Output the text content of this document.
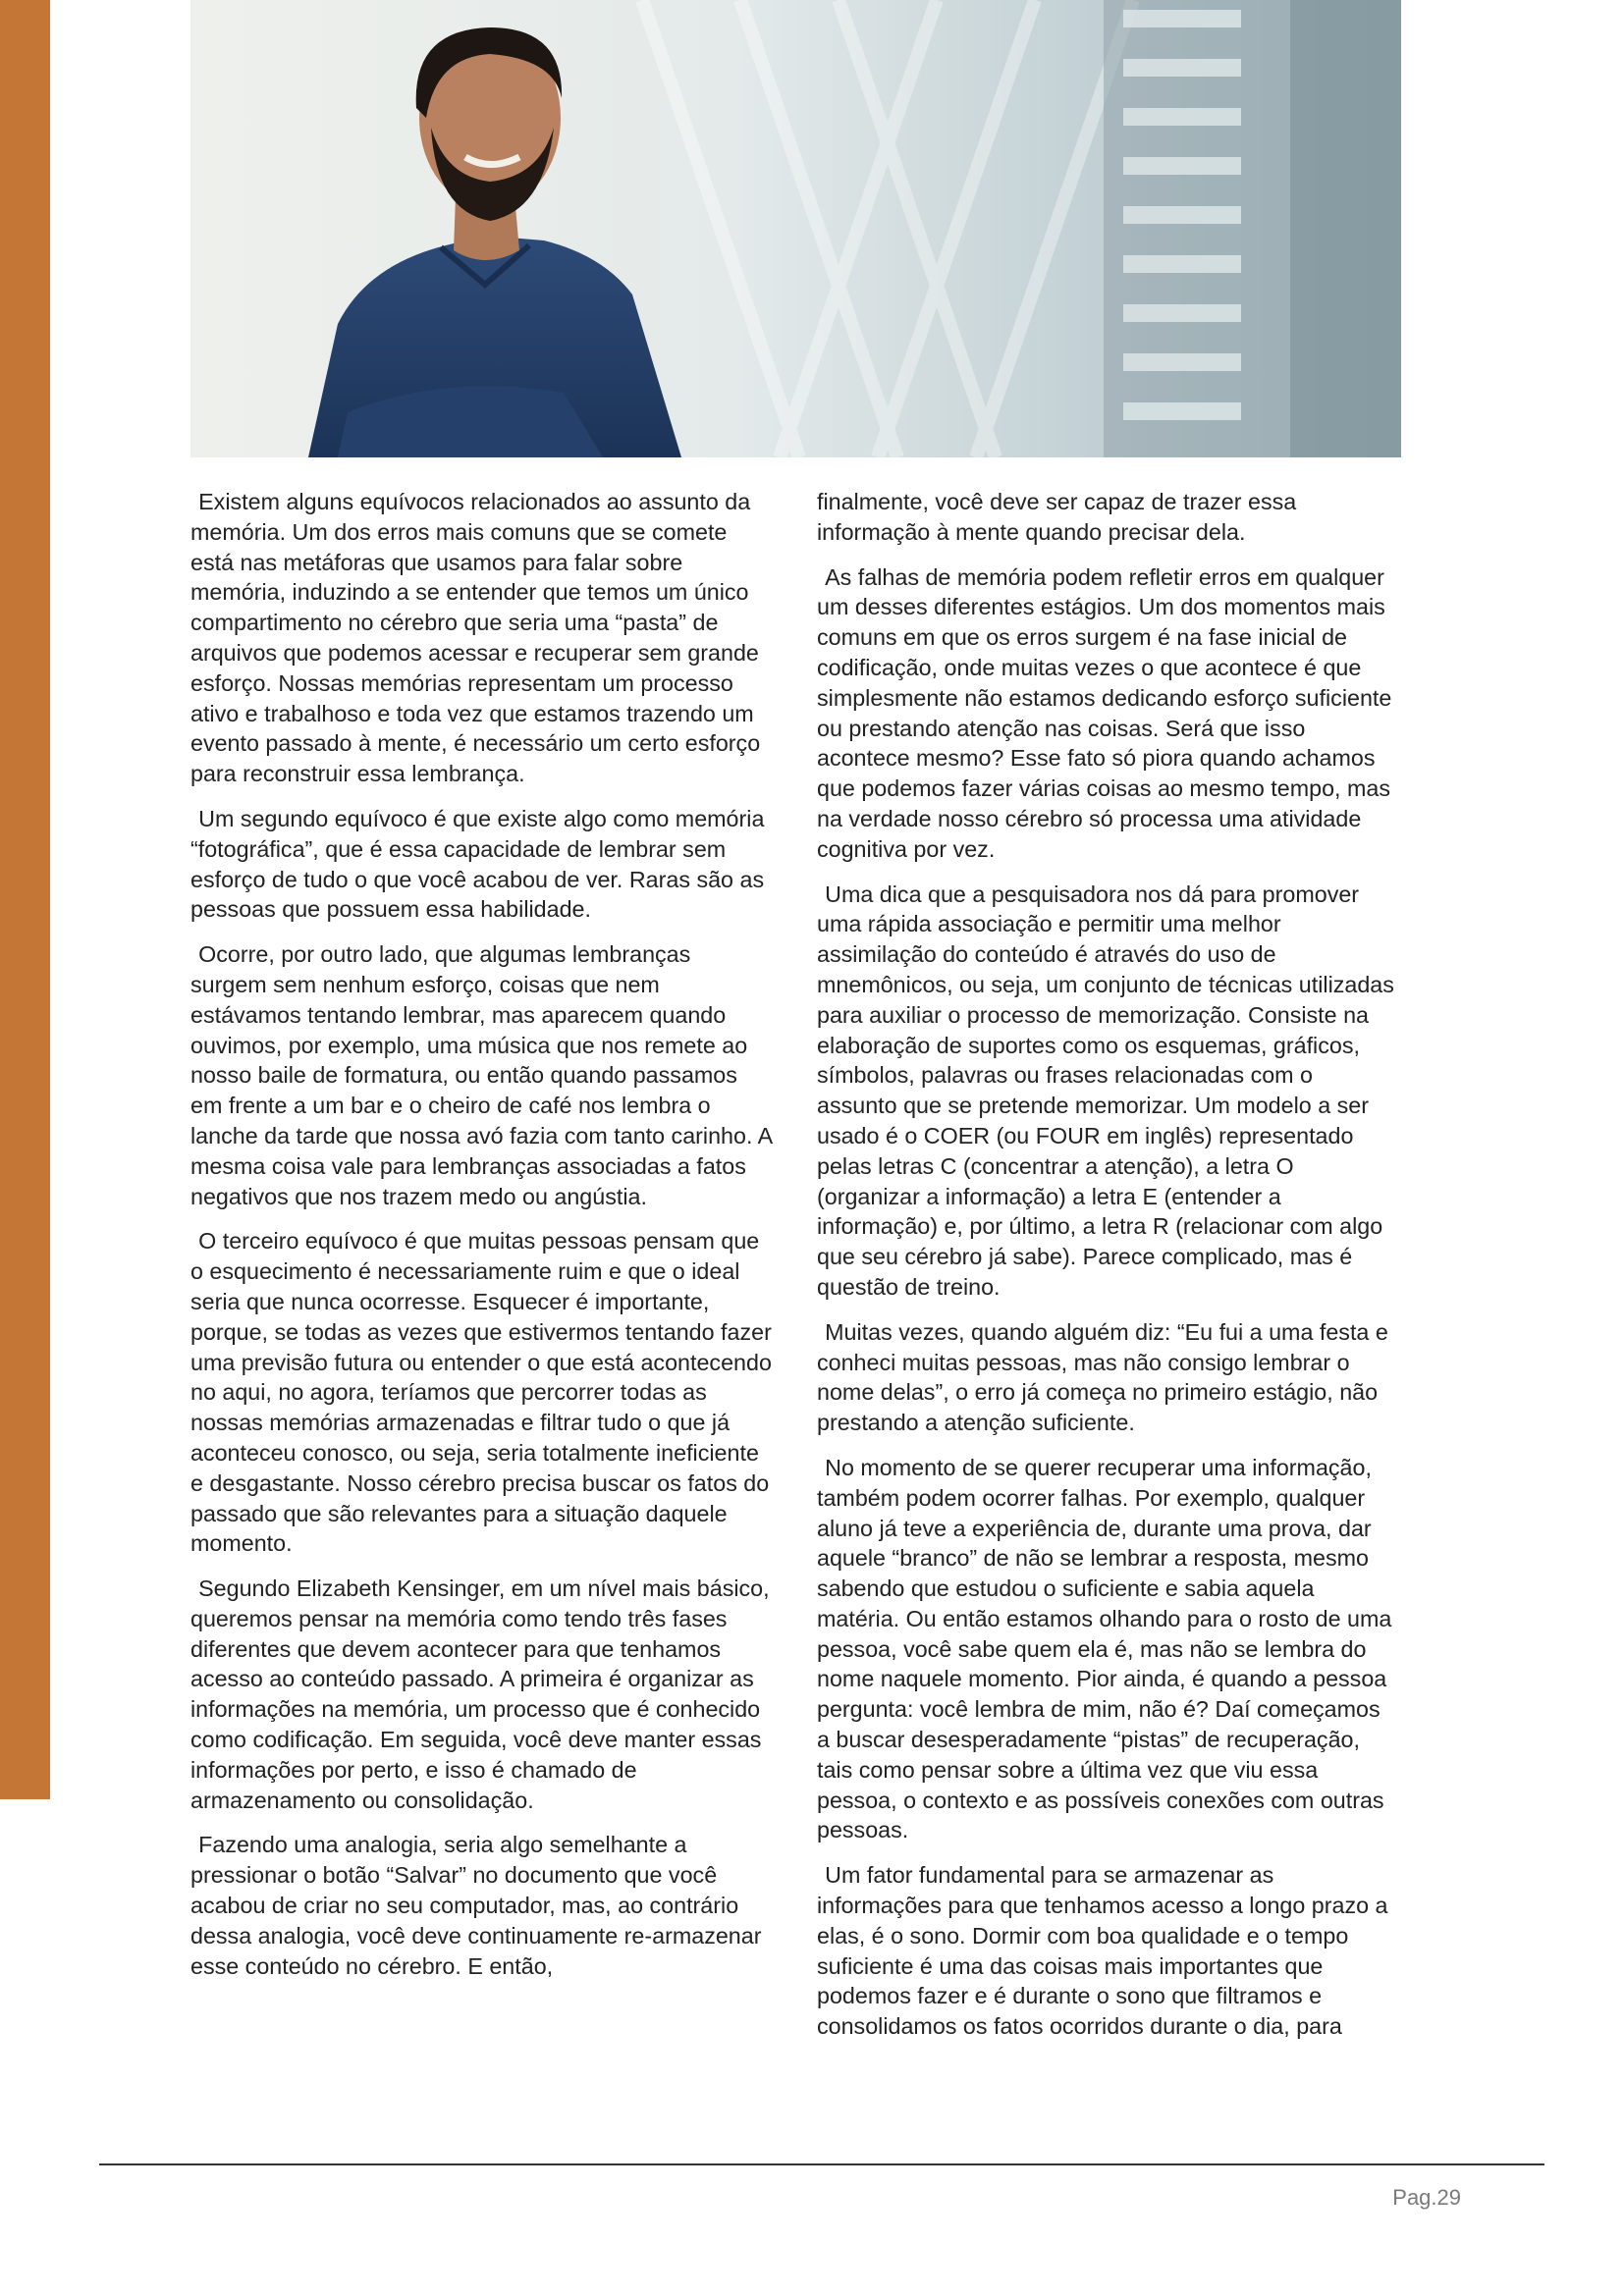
Existem alguns equívocos relacionados ao assunto da memória. Um dos erros mais comuns que se comete está nas metáforas que usamos para falar sobre memória, induzindo a se entender que temos um único compartimento no cérebro que seria uma “pasta” de arquivos que podemos acessar e recuperar sem grande esforço. Nossas memórias representam um processo ativo e trabalhoso e toda vez que estamos trazendo um evento passado à mente, é necessário um certo esforço para reconstruir essa lembrança.

Um segundo equívoco é que existe algo como memória “fotográfica”, que é essa capacidade de lembrar sem esforço de tudo o que você acabou de ver. Raras são as pessoas que possuem essa habilidade.

Ocorre, por outro lado, que algumas lembranças surgem sem nenhum esforço, coisas que nem estávamos tentando lembrar, mas aparecem quando ouvimos, por exemplo, uma música que nos remete ao nosso baile de formatura, ou então quando passamos em frente a um bar e o cheiro de café nos lembra o lanche da tarde que nossa avó fazia com tanto carinho. A mesma coisa vale para lembranças associadas a fatos negativos que nos trazem medo ou angústia.

O terceiro equívoco é que muitas pessoas pensam que o esquecimento é necessariamente ruim e que o ideal seria que nunca ocorresse. Esquecer é importante, porque, se todas as vezes que estivermos tentando fazer uma previsão futura ou entender o que está acontecendo no aqui, no agora, teríamos que percorrer todas as nossas memórias armazenadas e filtrar tudo o que já aconteceu conosco, ou seja, seria totalmente ineficiente e desgastante. Nosso cérebro precisa buscar os fatos do passado que são relevantes para a situação daquele momento.

Segundo Elizabeth Kensinger, em um nível mais básico, queremos pensar na memória como tendo três fases diferentes que devem acontecer para que tenhamos acesso ao conteúdo passado. A primeira é organizar as informações na memória, um processo que é conhecido como codificação. Em seguida, você deve manter essas informações por perto, e isso é chamado de armazenamento ou consolidação.

Fazendo uma analogia, seria algo semelhante a pressionar o botão “Salvar” no documento que você acabou de criar no seu computador, mas, ao contrário dessa analogia, você deve continuamente re-armazenar esse conteúdo no cérebro. E então,

finalmente, você deve ser capaz de trazer essa informação à mente quando precisar dela.

As falhas de memória podem refletir erros em qualquer um desses diferentes estágios. Um dos momentos mais comuns em que os erros surgem é na fase inicial de codificação, onde muitas vezes o que acontece é que simplesmente não estamos dedicando esforço suficiente ou prestando atenção nas coisas. Será que isso acontece mesmo? Esse fato só piora quando achamos que podemos fazer várias coisas ao mesmo tempo, mas na verdade nosso cérebro só processa uma atividade cognitiva por vez.

Uma dica que a pesquisadora nos dá para promover uma rápida associação e permitir uma melhor assimilação do conteúdo é através do uso de mnemônicos, ou seja, um conjunto de técnicas utilizadas para auxiliar o processo de memorização. Consiste na elaboração de suportes como os esquemas, gráficos, símbolos, palavras ou frases relacionadas com o assunto que se pretende memorizar. Um modelo a ser usado é o COER (ou FOUR em inglês) representado pelas letras C (concentrar a atenção), a letra O (organizar a informação) a letra E (entender a informação) e, por último, a letra R (relacionar com algo que seu cérebro já sabe). Parece complicado, mas é questão de treino.

Muitas vezes, quando alguém diz: “Eu fui a uma festa e conheci muitas pessoas, mas não consigo lembrar o nome delas”, o erro já começa no primeiro estágio, não prestando a atenção suficiente.

No momento de se querer recuperar uma informação, também podem ocorrer falhas. Por exemplo, qualquer aluno já teve a experiência de, durante uma prova, dar aquele “branco” de não se lembrar a resposta, mesmo sabendo que estudou o suficiente e sabia aquela matéria. Ou então estamos olhando para o rosto de uma pessoa, você sabe quem ela é, mas não se lembra do nome naquele momento. Pior ainda, é quando a pessoa pergunta: você lembra de mim, não é? Daí começamos a buscar desesperadamente “pistas” de recuperação, tais como pensar sobre a última vez que viu essa pessoa, o contexto e as possíveis conexões com outras pessoas.

Um fator fundamental para se armazenar as informações para que tenhamos acesso a longo prazo a elas, é o sono. Dormir com boa qualidade e o tempo suficiente é uma das coisas mais importantes que podemos fazer e é durante o sono que filtramos e consolidamos os fatos ocorridos durante o dia, para

Pag.29
